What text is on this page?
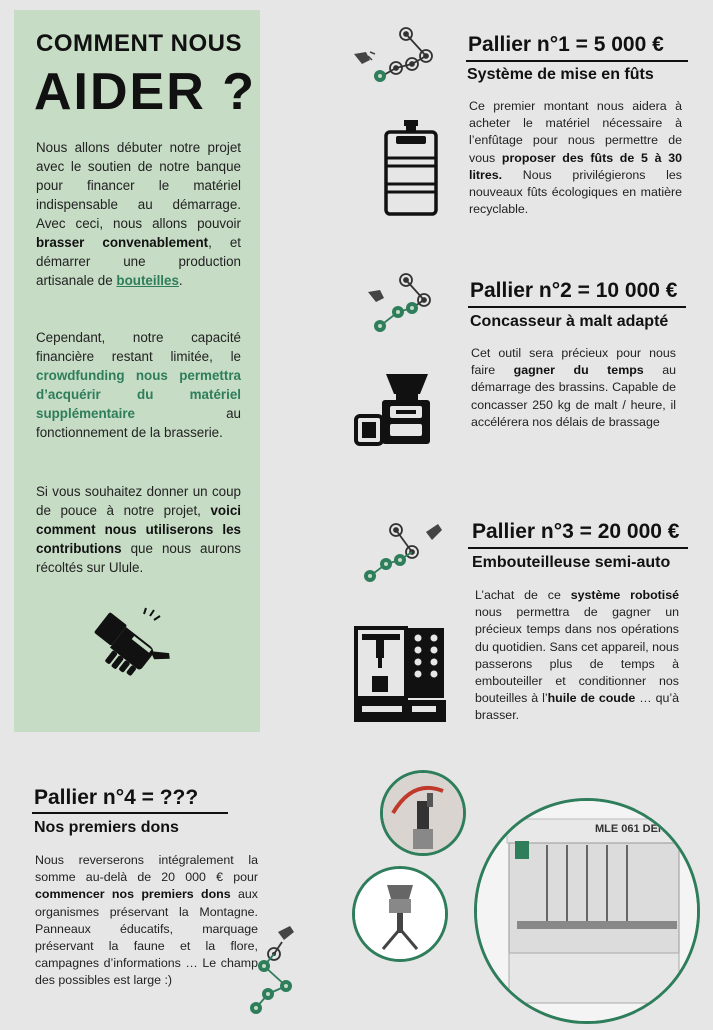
COMMENT NOUS
AIDER ?
Nous allons débuter notre projet avec le soutien de notre banque pour financer le matériel indispensable au démarrage. Avec ceci, nous allons pouvoir brasser convenablement, et démarrer une production artisanale de bouteilles.
Cependant, notre capacité financière restant limitée, le crowdfunding nous permettra d’acquérir du matériel supplémentaire au fonctionnement de la brasserie.
Si vous souhaitez donner un coup de pouce à notre projet, voici comment nous utiliserons les contributions que nous aurons récoltés sur Ulule.
Pallier n°1 = 5 000 €
Système de mise en fûts
Ce premier montant nous aidera à acheter le matériel nécessaire à l’enfûtage pour nous permettre de vous proposer des fûts de 5 à 30 litres. Nous privilégierons les nouveaux fûts écologiques en matière recyclable.
Pallier n°2 = 10 000 €
Concasseur à malt adapté
Cet outil sera précieux pour nous faire gagner du temps au démarrage des brassins. Capable de concasser 250 kg de malt / heure, il accélérera nos délais de brassage
Pallier n°3 = 20 000 €
Embouteilleuse semi-auto
L’achat de ce système robotisé nous permettra de gagner un précieux temps dans nos opérations du quotidien. Sans cet appareil, nous passerons plus de temps à embouteiller et conditionner nos bouteilles à l’huile de coude … qu’à brasser.
Pallier n°4 = ???
Nos premiers dons
Nous reverserons intégralement la somme au-delà de 20 000 € pour commencer nos premiers dons aux organismes préservant la Montagne. Panneaux éducatifs, marquage préservant la faune et la flore, campagnes d’informations … Le champ des possibles est large :)
MLE 061 DEN
